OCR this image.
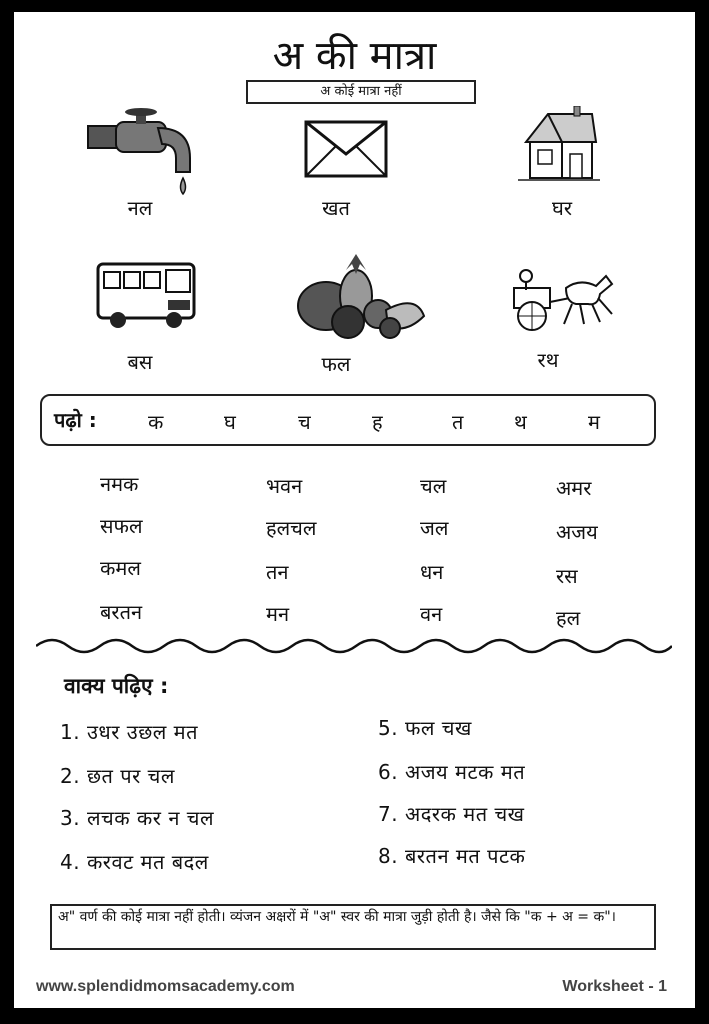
अ की मात्रा
अ कोई मात्रा नहीं
नल	खत	घर
बस	फल	रथ
पढ़ो :	क	घ	च	ह	त	थ	म
नमक	भवन	चल	अमर
सफल	हलचल	जल	अजय
कमल	तन	धन	रस
बरतन	मन	वन	हल
वाक्य पढ़िए :
1. उधर उछल मत
2. छत पर चल
3. लचक कर न चल
4. करवट मत बदल
5. फल चख
6. अजय मटक मत
7. अदरक मत चख
8. बरतन मत पटक
अ" वर्ण की कोई मात्रा नहीं होती। व्यंजन अक्षरों में "अ" स्वर की मात्रा जुड़ी होती है। जैसे कि "क + अ = क"।
www.splendidmomsacademy.com	Worksheet - 1
